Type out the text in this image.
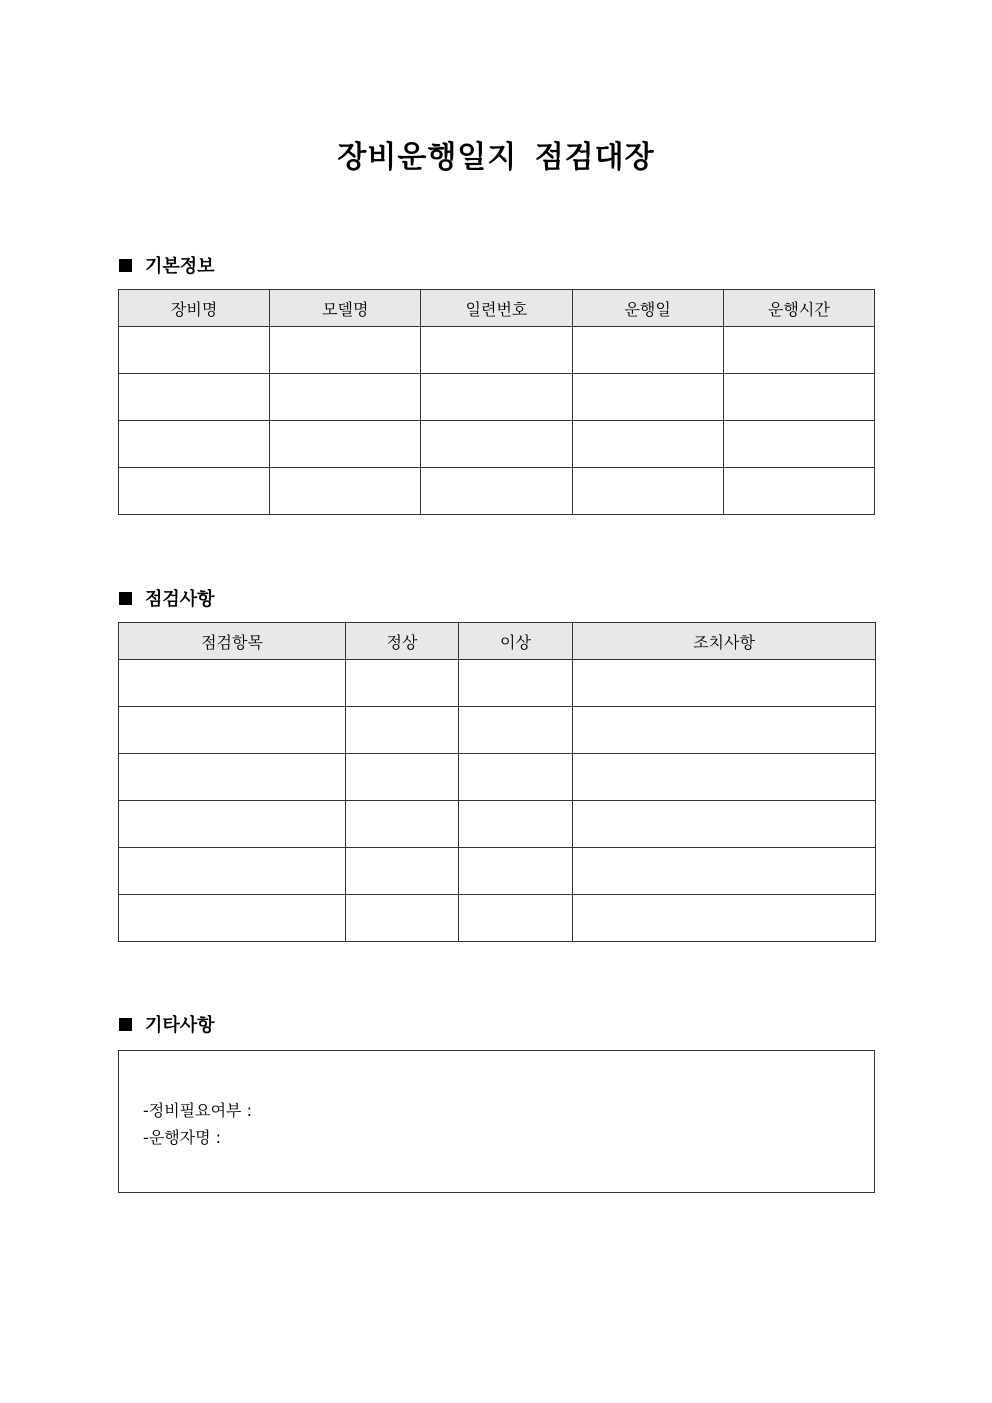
장비운행일지 점검대장
기본정보
장비명	모델명	일련번호	운행일	운행시간

점검사항
점검항목	정상	이상	조치사항

기타사항
-정비필요여부 :
-운행자명 :
